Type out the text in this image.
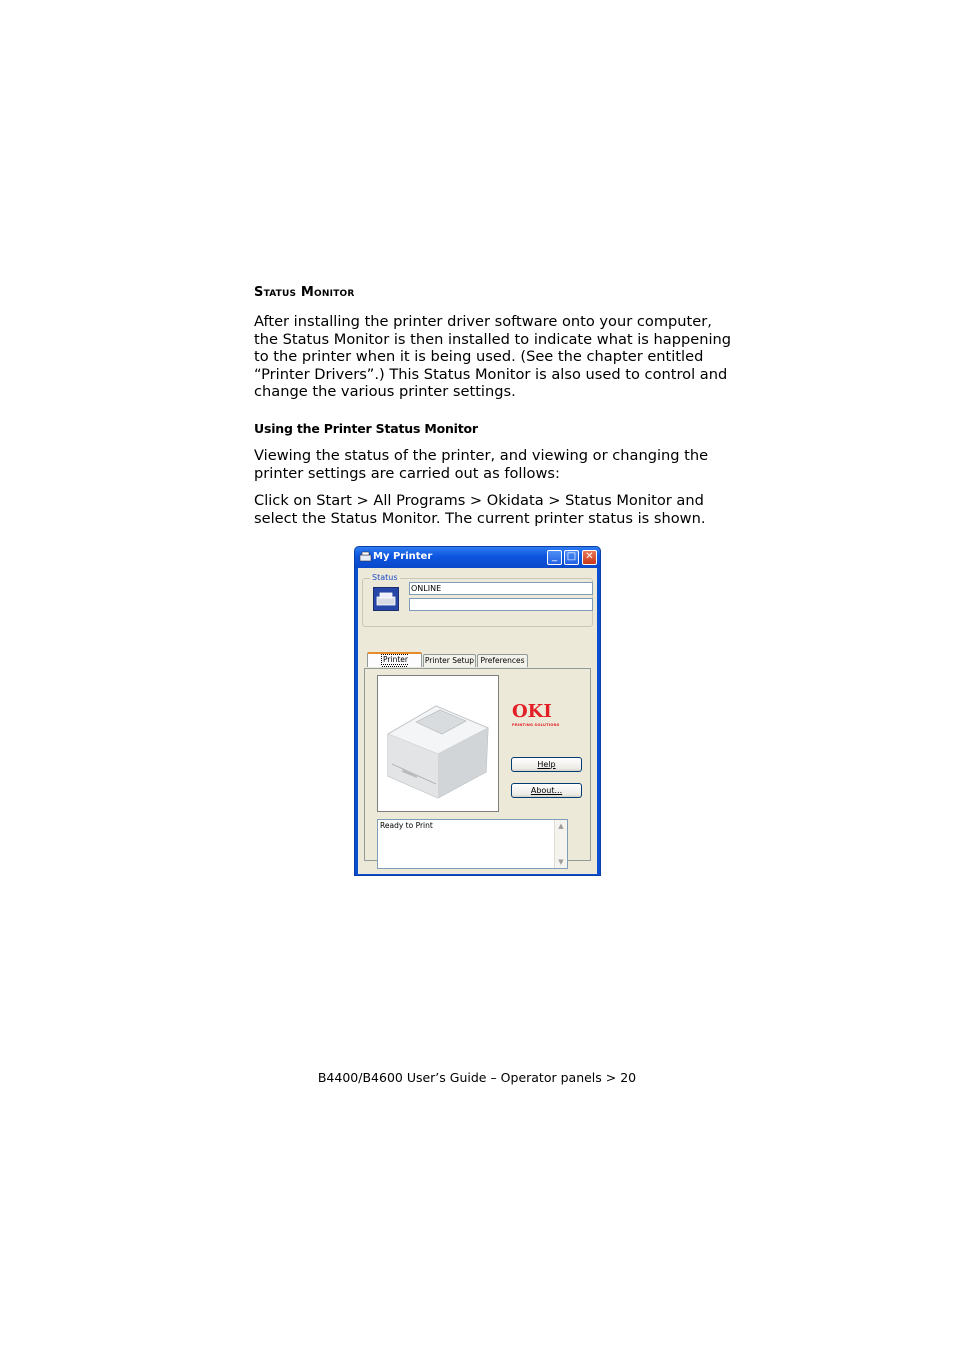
Status Monitor

After installing the printer driver software onto your computer, the Status Monitor is then installed to indicate what is happening to the printer when it is being used. (See the chapter entitled “Printer Drivers”.) This Status Monitor is also used to control and change the various printer settings.

Using the Printer Status Monitor

Viewing the status of the printer, and viewing or changing the printer settings are carried out as follows:

Click on Start > All Programs > Okidata > Status Monitor and select the Status Monitor. The current printer status is shown.

My Printer	_ □ ✕
Status
ONLINE
Printer	Printer Setup Preferences
OKI
PRINTING SOLUTIONS
Help
About...
Ready to Print	▲
▼
B4400/B4600 User’s Guide – Operator panels > 20
